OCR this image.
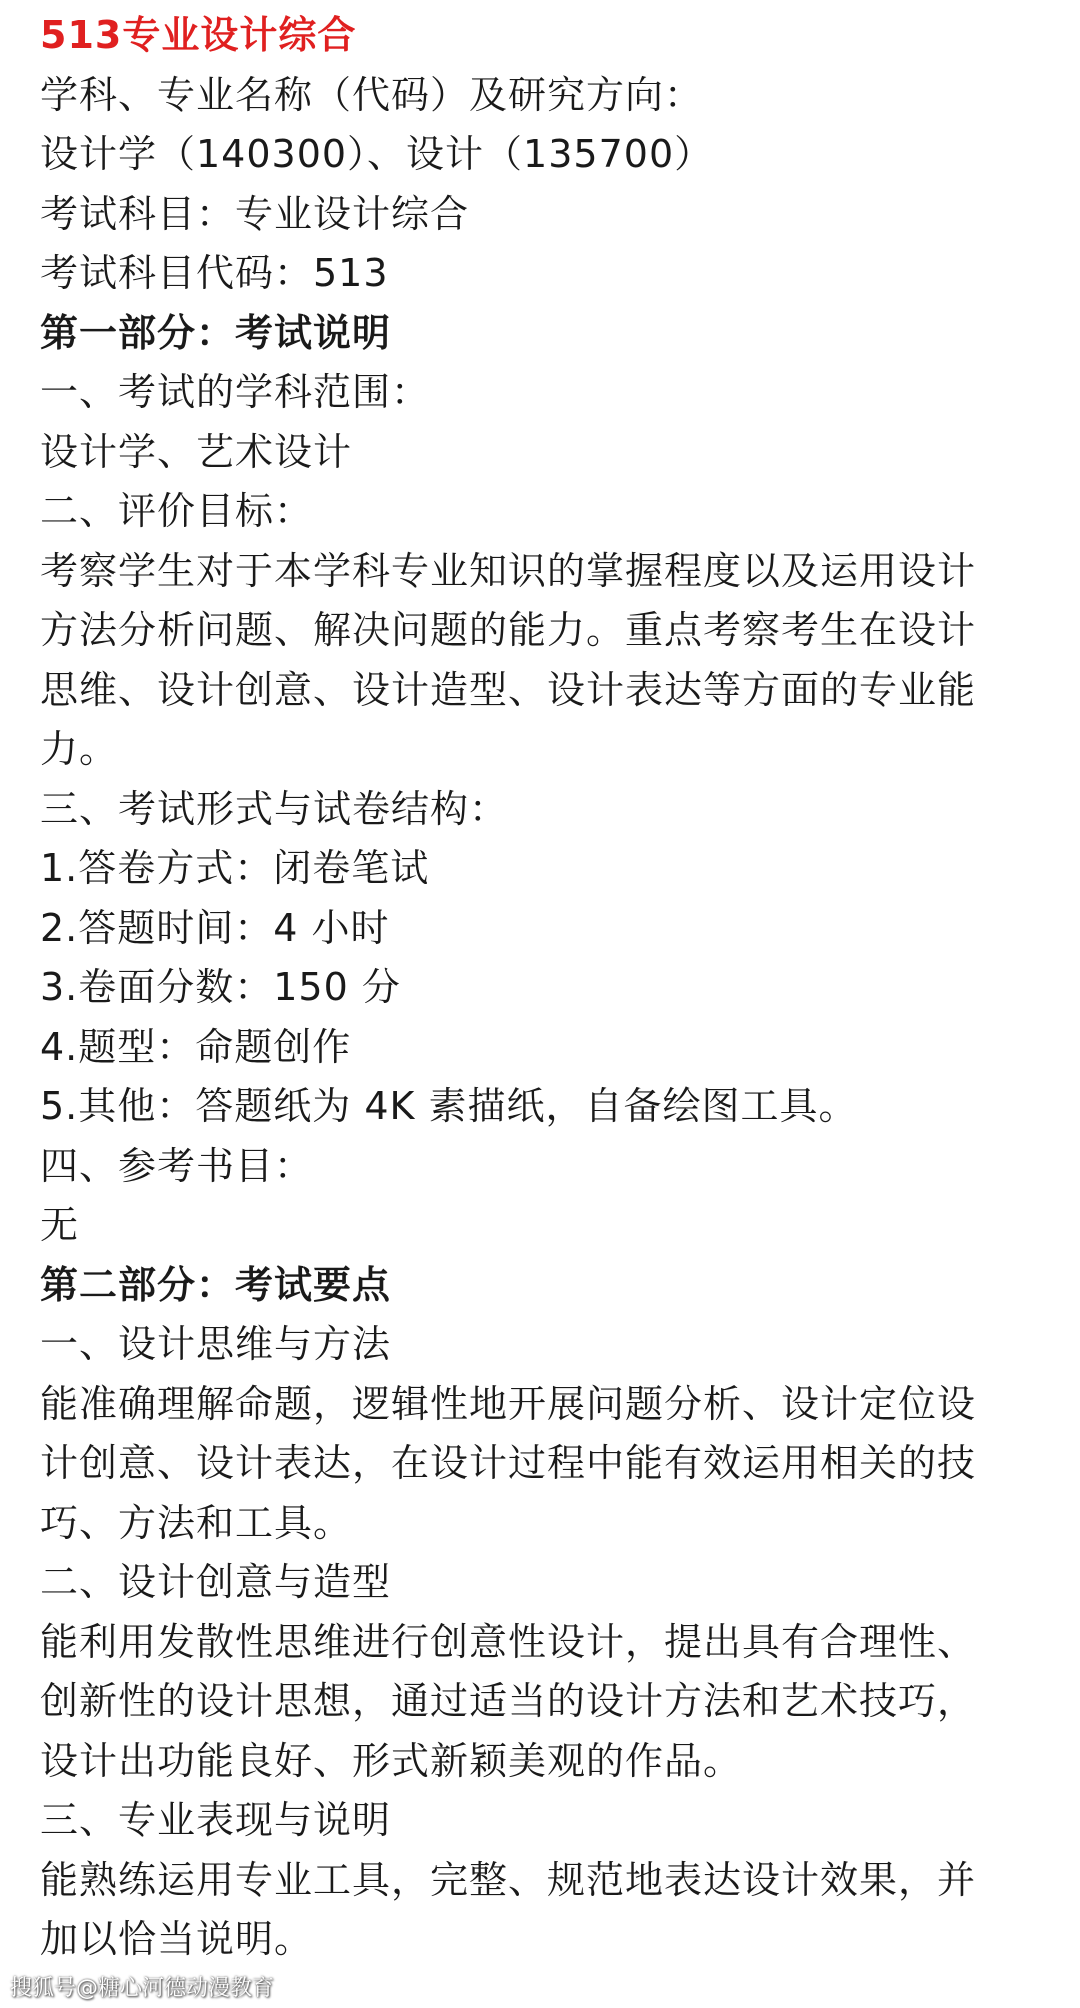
513专业设计综合
学科、专业名称（代码）及研究方向：
设计学（140300）、设计（135700）
考试科目：专业设计综合
考试科目代码：513
第一部分：考试说明
一、考试的学科范围：
设计学、艺术设计
二、评价目标：
考察学生对于本学科专业知识的掌握程度以及运用设计
方法分析问题、解决问题的能力。重点考察考生在设计
思维、设计创意、设计造型、设计表达等方面的专业能
力。
三、考试形式与试卷结构：
1.答卷方式：闭卷笔试
2.答题时间：4 小时
3.卷面分数：150 分
4.题型：命题创作
5.其他：答题纸为 4K 素描纸，自备绘图工具。
四、参考书目：
无
第二部分：考试要点
一、设计思维与方法
能准确理解命题，逻辑性地开展问题分析、设计定位设
计创意、设计表达，在设计过程中能有效运用相关的技
巧、方法和工具。
二、设计创意与造型
能利用发散性思维进行创意性设计，提出具有合理性、
创新性的设计思想，通过适当的设计方法和艺术技巧，
设计出功能良好、形式新颖美观的作品。
三、专业表现与说明
能熟练运用专业工具，完整、规范地表达设计效果，并
加以恰当说明。
搜狐号@糖心河德动漫教育
